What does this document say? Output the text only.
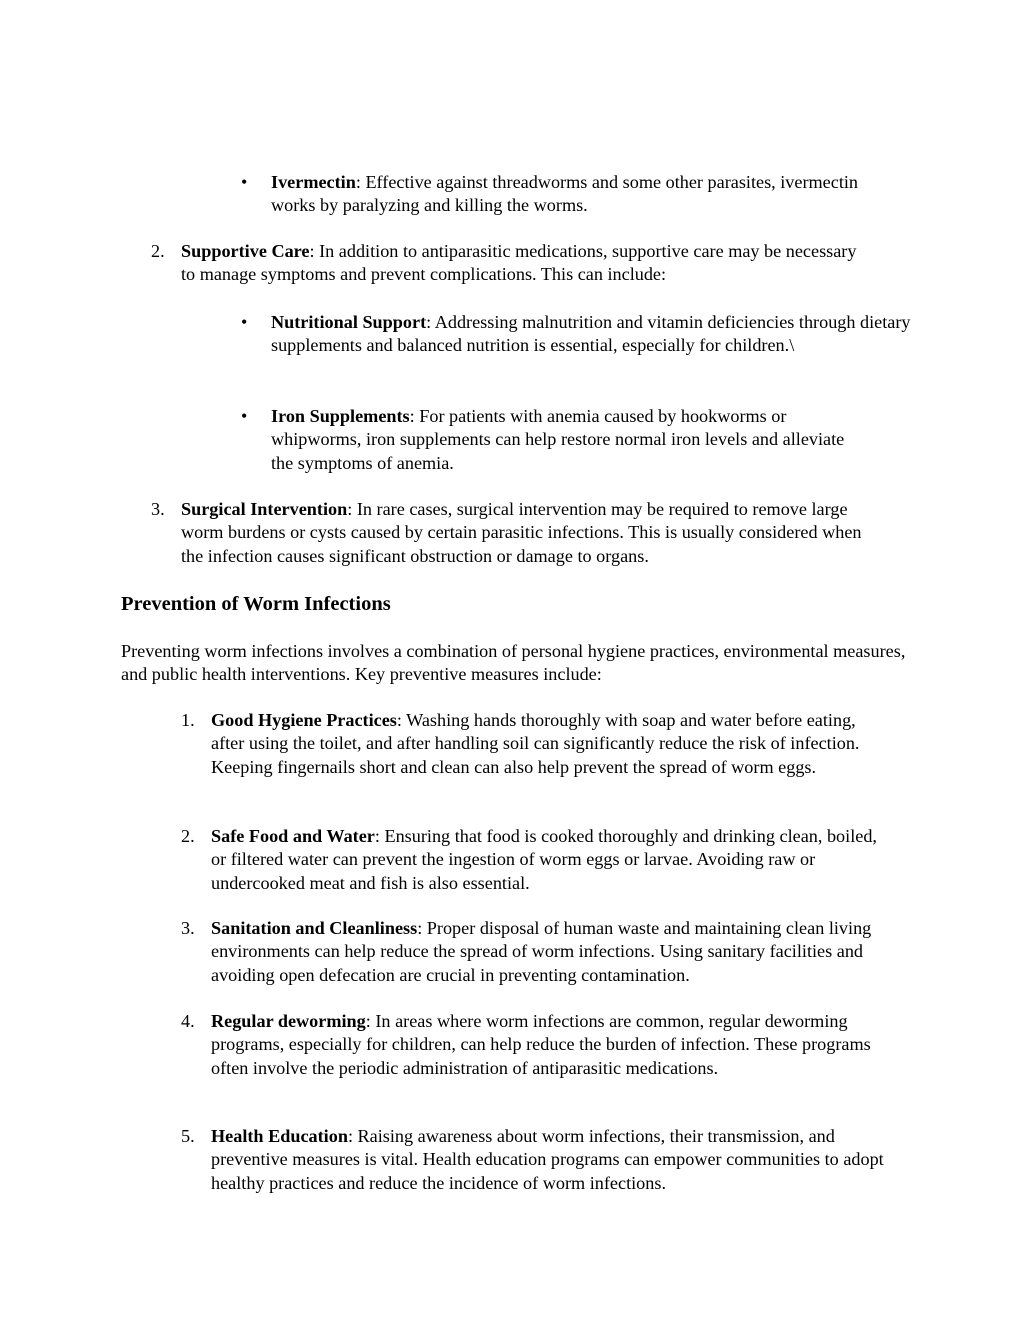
• Ivermectin: Effective against threadworms and some other parasites, ivermectin works by paralyzing and killing the worms.
2. Supportive Care: In addition to antiparasitic medications, supportive care may be necessary to manage symptoms and prevent complications. This can include:
• Nutritional Support: Addressing malnutrition and vitamin deficiencies through dietary supplements and balanced nutrition is essential, especially for children.\
• Iron Supplements: For patients with anemia caused by hookworms or whipworms, iron supplements can help restore normal iron levels and alleviate the symptoms of anemia.
3. Surgical Intervention: In rare cases, surgical intervention may be required to remove large worm burdens or cysts caused by certain parasitic infections. This is usually considered when the infection causes significant obstruction or damage to organs.
Prevention of Worm Infections
Preventing worm infections involves a combination of personal hygiene practices, environmental measures, and public health interventions. Key preventive measures include:
1. Good Hygiene Practices: Washing hands thoroughly with soap and water before eating, after using the toilet, and after handling soil can significantly reduce the risk of infection. Keeping fingernails short and clean can also help prevent the spread of worm eggs.
2. Safe Food and Water: Ensuring that food is cooked thoroughly and drinking clean, boiled, or filtered water can prevent the ingestion of worm eggs or larvae. Avoiding raw or undercooked meat and fish is also essential.
3. Sanitation and Cleanliness: Proper disposal of human waste and maintaining clean living environments can help reduce the spread of worm infections. Using sanitary facilities and avoiding open defecation are crucial in preventing contamination.
4. Regular deworming: In areas where worm infections are common, regular deworming programs, especially for children, can help reduce the burden of infection. These programs often involve the periodic administration of antiparasitic medications.
5. Health Education: Raising awareness about worm infections, their transmission, and preventive measures is vital. Health education programs can empower communities to adopt healthy practices and reduce the incidence of worm infections.
